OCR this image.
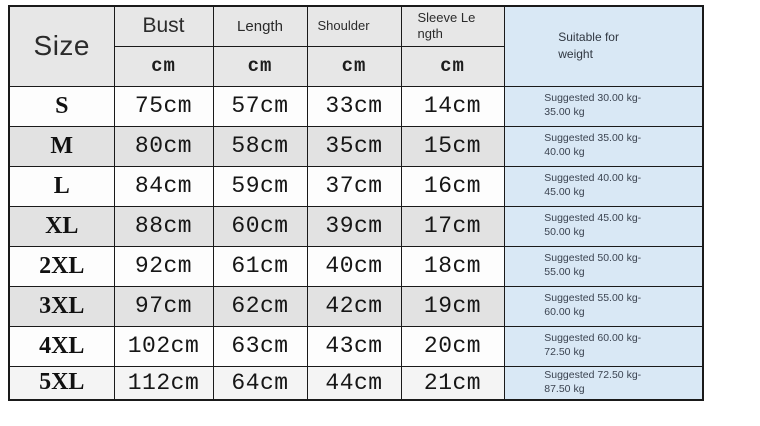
Size	Bust	Length	Shoulder	Sleeve Length	Suitable for weight
	cm	cm	cm	cm	
S	75cm	57cm	33cm	14cm	Suggested 30.00 kg-35.00 kg
M	80cm	58cm	35cm	15cm	Suggested 35.00 kg-40.00 kg
L	84cm	59cm	37cm	16cm	Suggested 40.00 kg-45.00 kg
XL	88cm	60cm	39cm	17cm	Suggested 45.00 kg-50.00 kg
2XL	92cm	61cm	40cm	18cm	Suggested 50.00 kg-55.00 kg
3XL	97cm	62cm	42cm	19cm	Suggested 55.00 kg-60.00 kg
4XL	102cm	63cm	43cm	20cm	Suggested 60.00 kg-72.50 kg
5XL	112cm	64cm	44cm	21cm	Suggested 72.50 kg-87.50 kg
